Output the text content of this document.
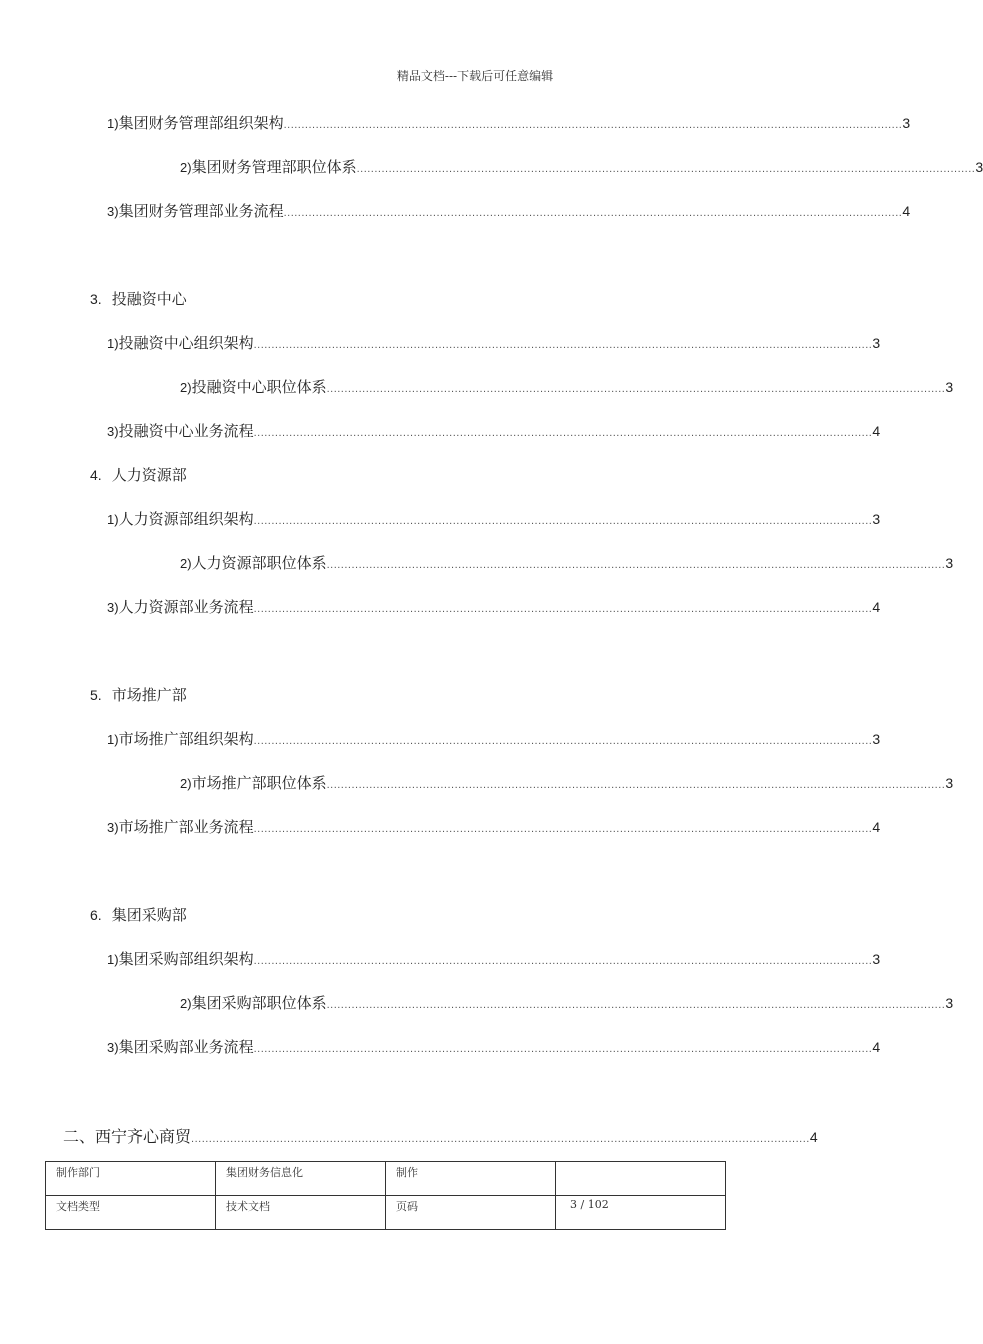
精品文档---下载后可任意编辑
1) 集团财务管理部组织架构 .............................................................................................................................................................................. 3
2) 集团财务管理部职位体系 .............................................................................................................................................................................. 3
3) 集团财务管理部业务流程 .............................................................................................................................................................................. 4
3. 投融资中心
1) 投融资中心组织架构 .............................................................................................................................................................................. 3
2) 投融资中心职位体系 .............................................................................................................................................................................. 3
3) 投融资中心业务流程 .............................................................................................................................................................................. 4
4. 人力资源部
1) 人力资源部组织架构 .............................................................................................................................................................................. 3
2) 人力资源部职位体系 .............................................................................................................................................................................. 3
3) 人力资源部业务流程 .............................................................................................................................................................................. 4
5. 市场推广部
1) 市场推广部组织架构 .............................................................................................................................................................................. 3
2) 市场推广部职位体系 .............................................................................................................................................................................. 3
3) 市场推广部业务流程 .............................................................................................................................................................................. 4
6. 集团采购部
1) 集团采购部组织架构 .............................................................................................................................................................................. 3
2) 集团采购部职位体系 .............................................................................................................................................................................. 3
3) 集团采购部业务流程 .............................................................................................................................................................................. 4
二、 西宁齐心商贸 .............................................................................................................................................................................. 4
制作部门	集团财务信息化	制作	
文档类型	技术文档	页码	3 / 102
